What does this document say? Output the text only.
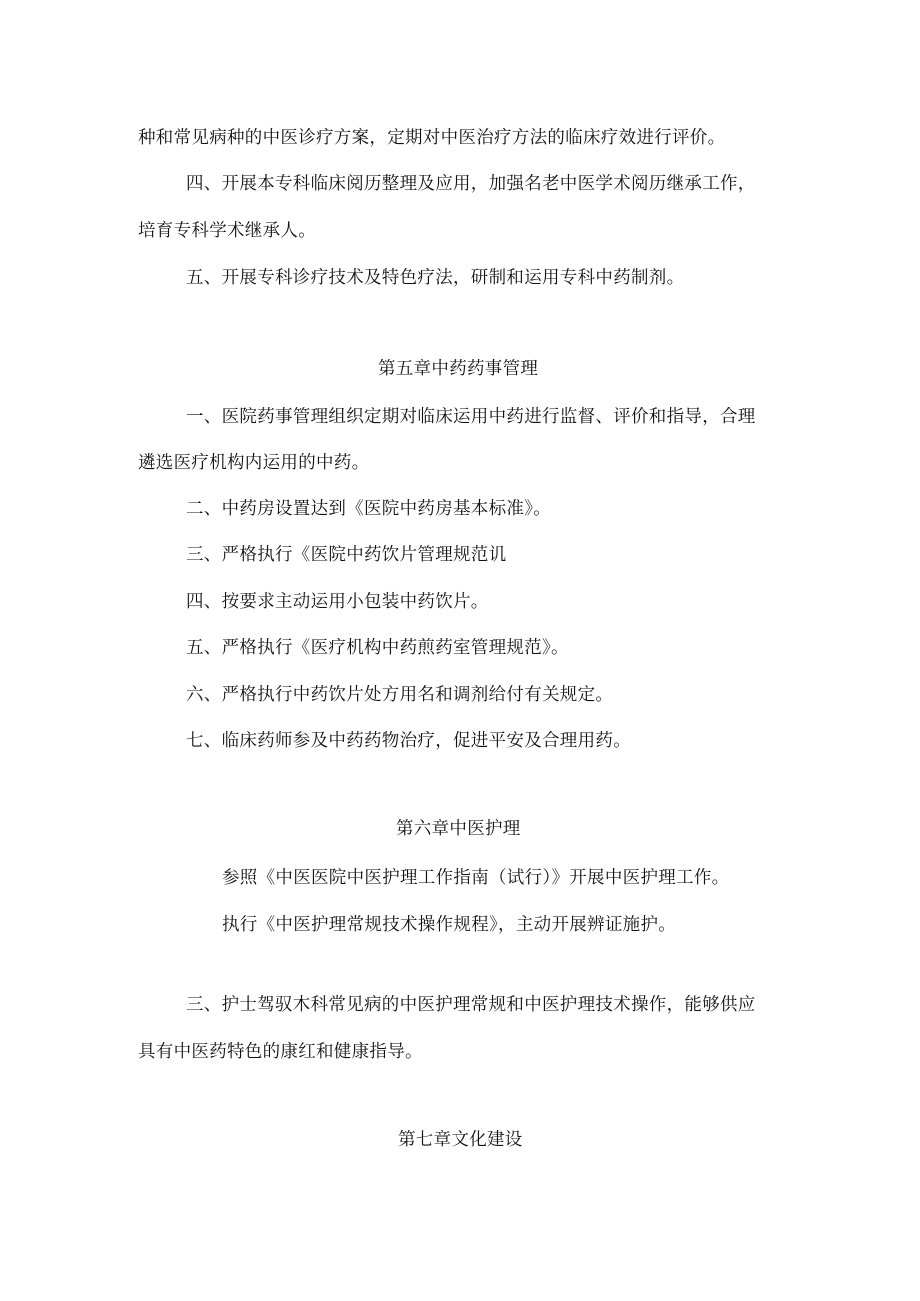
种和常见病种的中医诊疗方案，定期对中医治疗方法的临床疗效进行评价。
四、开展本专科临床阅历整理及应用，加强名老中医学术阅历继承工作，
培育专科学术继承人。
五、开展专科诊疗技术及特色疗法，研制和运用专科中药制剂。
第五章中药药事管理
一、医院药事管理组织定期对临床运用中药进行监督、评价和指导，合理
遴选医疗机构内运用的中药。
二、中药房设置达到《医院中药房基本标准》。
三、严格执行《医院中药饮片管理规范讥
四、按要求主动运用小包装中药饮片。
五、严格执行《医疗机构中药煎药室管理规范》。
六、严格执行中药饮片处方用名和调剂给付有关规定。
七、临床药师参及中药药物治疗，促进平安及合理用药。
第六章中医护理
参照《中医医院中医护理工作指南（试行）》开展中医护理工作。
执行《中医护理常规技术操作规程》，主动开展辨证施护。
三、护士驾驭木科常见病的中医护理常规和中医护理技术操作，能够供应
具有中医药特色的康红和健康指导。
第七章文化建设
